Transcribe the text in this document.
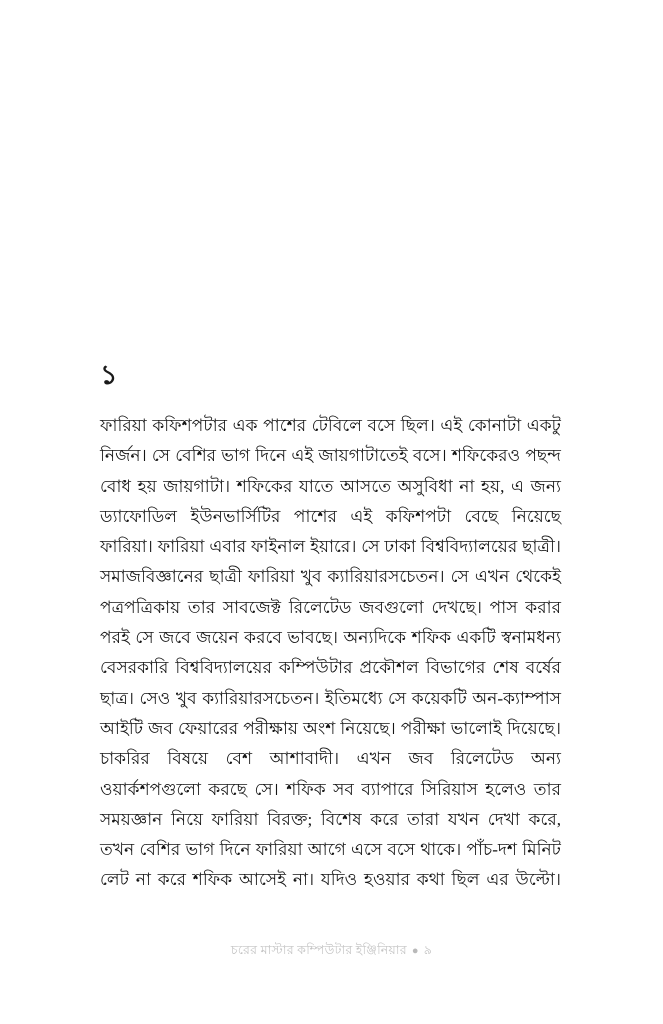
১

ফারিয়া কফিশপটার এক পাশের টেবিলে বসে ছিল। এই কোনাটা একটু নির্জন। সে বেশির ভাগ দিনে এই জায়গাটাতেই বসে। শফিকেরও পছন্দ বোধ হয় জায়গাটা। শফিকের যাতে আসতে অসুবিধা না হয়, এ জন্য ড্যাফোডিল ইউনভার্সিটির পাশের এই কফিশপটা বেছে নিয়েছে ফারিয়া। ফারিয়া এবার ফাইনাল ইয়ারে। সে ঢাকা বিশ্ববিদ্যালয়ের ছাত্রী। সমাজবিজ্ঞানের ছাত্রী ফারিয়া খুব ক্যারিয়ারসচেতন। সে এখন থেকেই পত্রপত্রিকায় তার সাবজেক্ট রিলেটেড জবগুলো দেখছে। পাস করার পরই সে জবে জয়েন করবে ভাবছে। অন্যদিকে শফিক একটি স্বনামধন্য বেসরকারি বিশ্ববিদ্যালয়ের কম্পিউটার প্রকৌশল বিভাগের শেষ বর্ষের ছাত্র। সেও খুব ক্যারিয়ারসচেতন। ইতিমধ্যে সে কয়েকটি অন-ক্যাম্পাস আইটি জব ফেয়ারের পরীক্ষায় অংশ নিয়েছে। পরীক্ষা ভালোই দিয়েছে। চাকরির বিষয়ে বেশ আশাবাদী। এখন জব রিলেটেড অন্য ওয়ার্কশপগুলো করছে সে। শফিক সব ব্যাপারে সিরিয়াস হলেও তার সময়জ্ঞান নিয়ে ফারিয়া বিরক্ত; বিশেষ করে তারা যখন দেখা করে, তখন বেশির ভাগ দিনে ফারিয়া আগে এসে বসে থাকে। পাঁচ-দশ মিনিট লেট না করে শফিক আসেই না। যদিও হওয়ার কথা ছিল এর উল্টো।

চরের মাস্টার কম্পিউটার ইঞ্জিনিয়ার ● ৯
